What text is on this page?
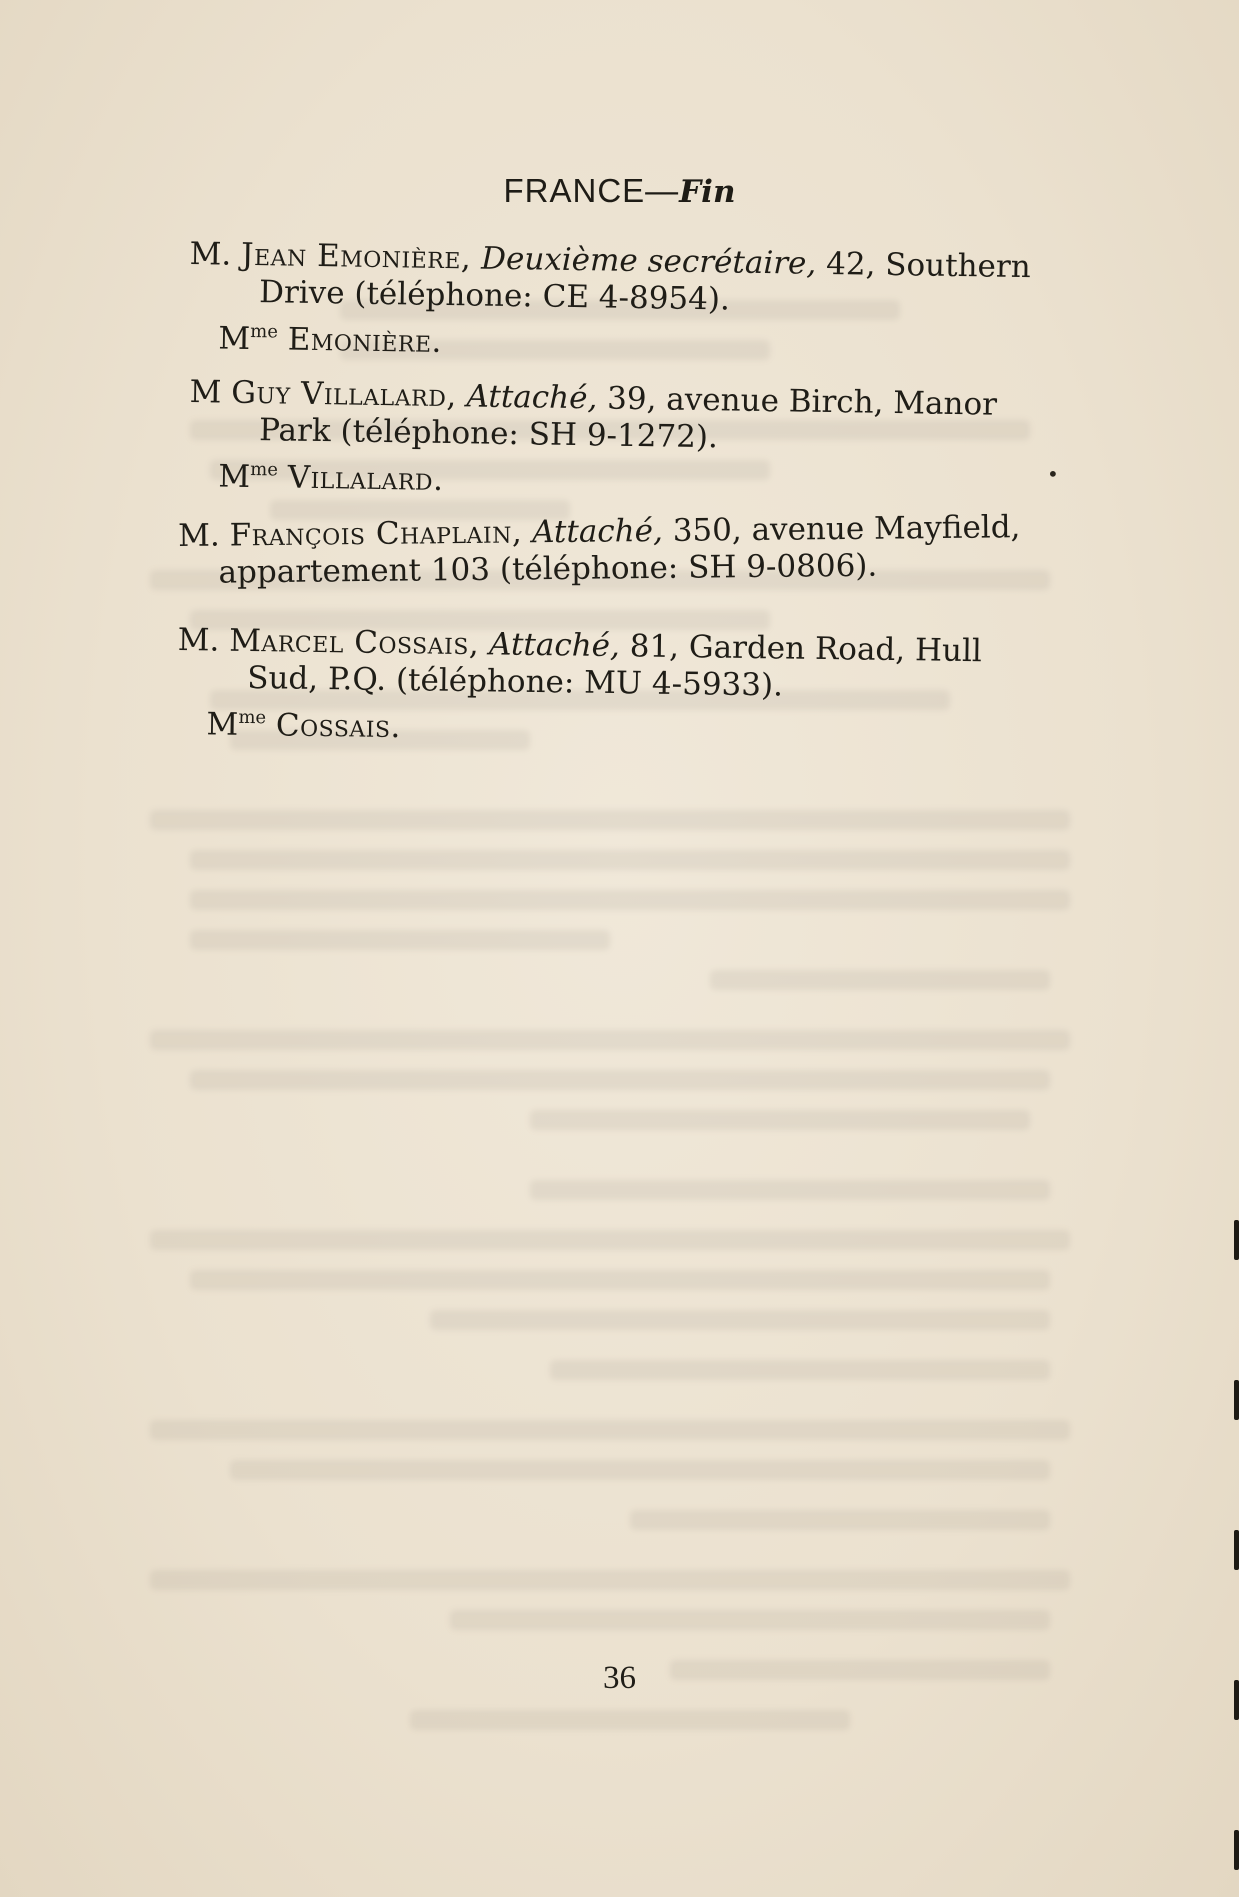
FRANCE—Fin

M. Jean Emonière, Deuxième secrétaire, 42, Southern

Drive (téléphone: CE 4-8954).

$M^{me}$ Emonière.

M Guy Villalard, Attaché, 39, avenue Birch, Manor

Park (téléphone: SH 9-1272).

$M^{me}$ Villalard.

M. François Chaplain, Attaché, 350, avenue Mayfield,

appartement 103 (téléphone: SH 9-0806).

M. Marcel Cossais, Attaché, 81, Garden Road, Hull

Sud, P.Q. (téléphone: MU 4-5933).

$M^{me}$ Cossais.

•
36
